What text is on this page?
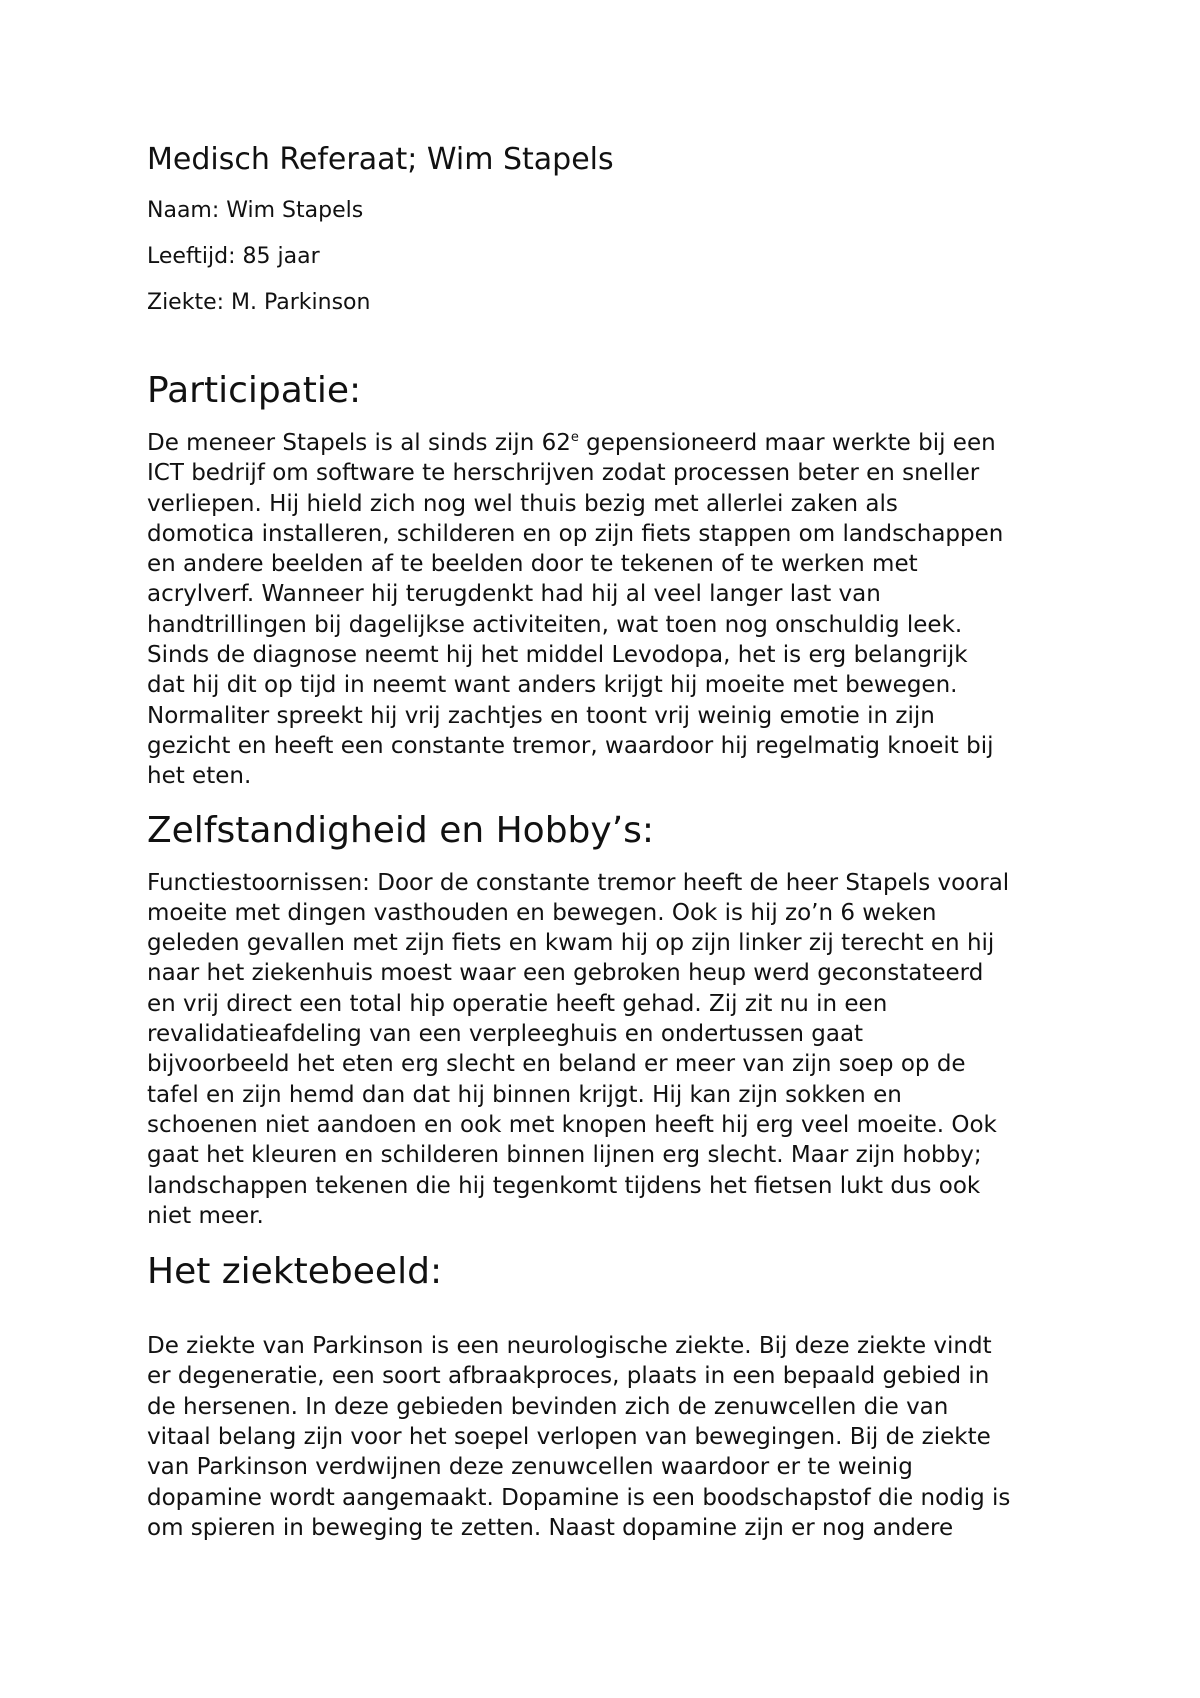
Medisch Referaat; Wim Stapels

Naam: Wim Stapels

Leeftijd: 85 jaar

Ziekte: M. Parkinson

Participatie:

De meneer Stapels is al sinds zijn 62e gepensioneerd maar werkte bij een
ICT bedrijf om software te herschrijven zodat processen beter en sneller
verliepen. Hij hield zich nog wel thuis bezig met allerlei zaken als
domotica installeren, schilderen en op zijn fiets stappen om landschappen
en andere beelden af te beelden door te tekenen of te werken met
acrylverf. Wanneer hij terugdenkt had hij al veel langer last van
handtrillingen bij dagelijkse activiteiten, wat toen nog onschuldig leek.
Sinds de diagnose neemt hij het middel Levodopa, het is erg belangrijk
dat hij dit op tijd in neemt want anders krijgt hij moeite met bewegen.
Normaliter spreekt hij vrij zachtjes en toont vrij weinig emotie in zijn
gezicht en heeft een constante tremor, waardoor hij regelmatig knoeit bij
het eten.

Zelfstandigheid en Hobby’s:

Functiestoornissen: Door de constante tremor heeft de heer Stapels vooral
moeite met dingen vasthouden en bewegen. Ook is hij zo’n 6 weken
geleden gevallen met zijn fiets en kwam hij op zijn linker zij terecht en hij
naar het ziekenhuis moest waar een gebroken heup werd geconstateerd
en vrij direct een total hip operatie heeft gehad. Zij zit nu in een
revalidatieafdeling van een verpleeghuis en ondertussen gaat
bijvoorbeeld het eten erg slecht en beland er meer van zijn soep op de
tafel en zijn hemd dan dat hij binnen krijgt. Hij kan zijn sokken en
schoenen niet aandoen en ook met knopen heeft hij erg veel moeite. Ook
gaat het kleuren en schilderen binnen lijnen erg slecht. Maar zijn hobby;
landschappen tekenen die hij tegenkomt tijdens het fietsen lukt dus ook
niet meer.

Het ziektebeeld:

De ziekte van Parkinson is een neurologische ziekte. Bij deze ziekte vindt
er degeneratie, een soort afbraakproces, plaats in een bepaald gebied in
de hersenen. In deze gebieden bevinden zich de zenuwcellen die van
vitaal belang zijn voor het soepel verlopen van bewegingen. Bij de ziekte
van Parkinson verdwijnen deze zenuwcellen waardoor er te weinig
dopamine wordt aangemaakt. Dopamine is een boodschapstof die nodig is
om spieren in beweging te zetten. Naast dopamine zijn er nog andere
